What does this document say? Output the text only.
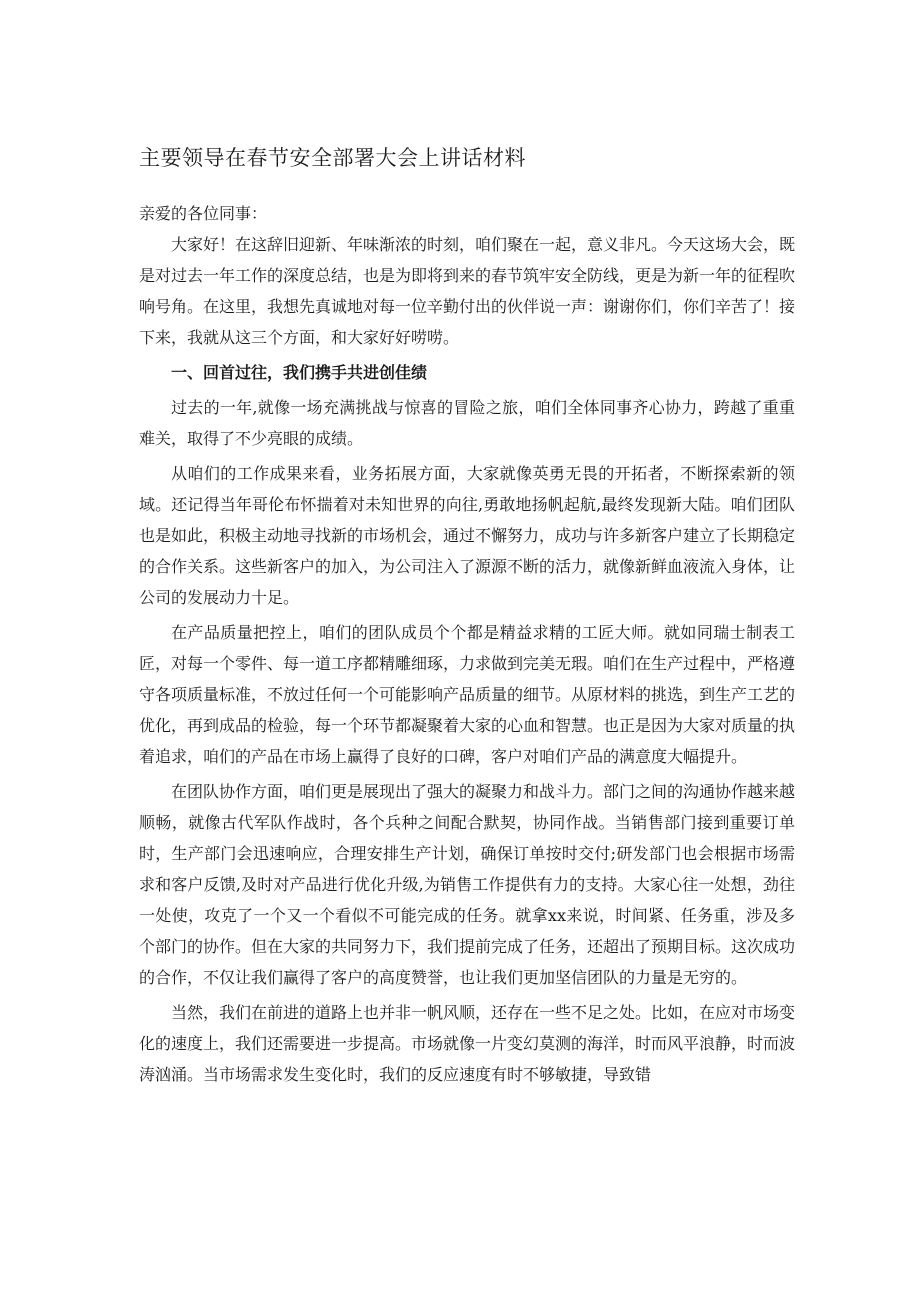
主要领导在春节安全部署大会上讲话材料

亲爱的各位同事：

大家好！在这辞旧迎新、年味渐浓的时刻，咱们聚在一起，意义非凡。今天这场大会，既是对过去一年工作的深度总结，也是为即将到来的春节筑牢安全防线，更是为新一年的征程吹响号角。在这里，我想先真诚地对每一位辛勤付出的伙伴说一声：谢谢你们，你们辛苦了！接下来，我就从这三个方面，和大家好好唠唠。

一、回首过往，我们携手共进创佳绩

过去的一年,就像一场充满挑战与惊喜的冒险之旅，咱们全体同事齐心协力，跨越了重重难关，取得了不少亮眼的成绩。

从咱们的工作成果来看，业务拓展方面，大家就像英勇无畏的开拓者，不断探索新的领域。还记得当年哥伦布怀揣着对未知世界的向往,勇敢地扬帆起航,最终发现新大陆。咱们团队也是如此，积极主动地寻找新的市场机会，通过不懈努力，成功与许多新客户建立了长期稳定的合作关系。这些新客户的加入，为公司注入了源源不断的活力，就像新鲜血液流入身体，让公司的发展动力十足。

在产品质量把控上，咱们的团队成员个个都是精益求精的工匠大师。就如同瑞士制表工匠，对每一个零件、每一道工序都精雕细琢，力求做到完美无瑕。咱们在生产过程中，严格遵守各项质量标准，不放过任何一个可能影响产品质量的细节。从原材料的挑选，到生产工艺的优化，再到成品的检验，每一个环节都凝聚着大家的心血和智慧。也正是因为大家对质量的执着追求，咱们的产品在市场上赢得了良好的口碑，客户对咱们产品的满意度大幅提升。

在团队协作方面，咱们更是展现出了强大的凝聚力和战斗力。部门之间的沟通协作越来越顺畅，就像古代军队作战时，各个兵种之间配合默契，协同作战。当销售部门接到重要订单时，生产部门会迅速响应，合理安排生产计划，确保订单按时交付;研发部门也会根据市场需求和客户反馈,及时对产品进行优化升级,为销售工作提供有力的支持。大家心往一处想，劲往一处使，攻克了一个又一个看似不可能完成的任务。就拿xx来说，时间紧、任务重，涉及多个部门的协作。但在大家的共同努力下，我们提前完成了任务，还超出了预期目标。这次成功的合作，不仅让我们赢得了客户的高度赞誉，也让我们更加坚信团队的力量是无穷的。

当然，我们在前进的道路上也并非一帆风顺，还存在一些不足之处。比如，在应对市场变化的速度上，我们还需要进一步提高。市场就像一片变幻莫测的海洋，时而风平浪静，时而波涛汹涌。当市场需求发生变化时，我们的反应速度有时不够敏捷，导致错
